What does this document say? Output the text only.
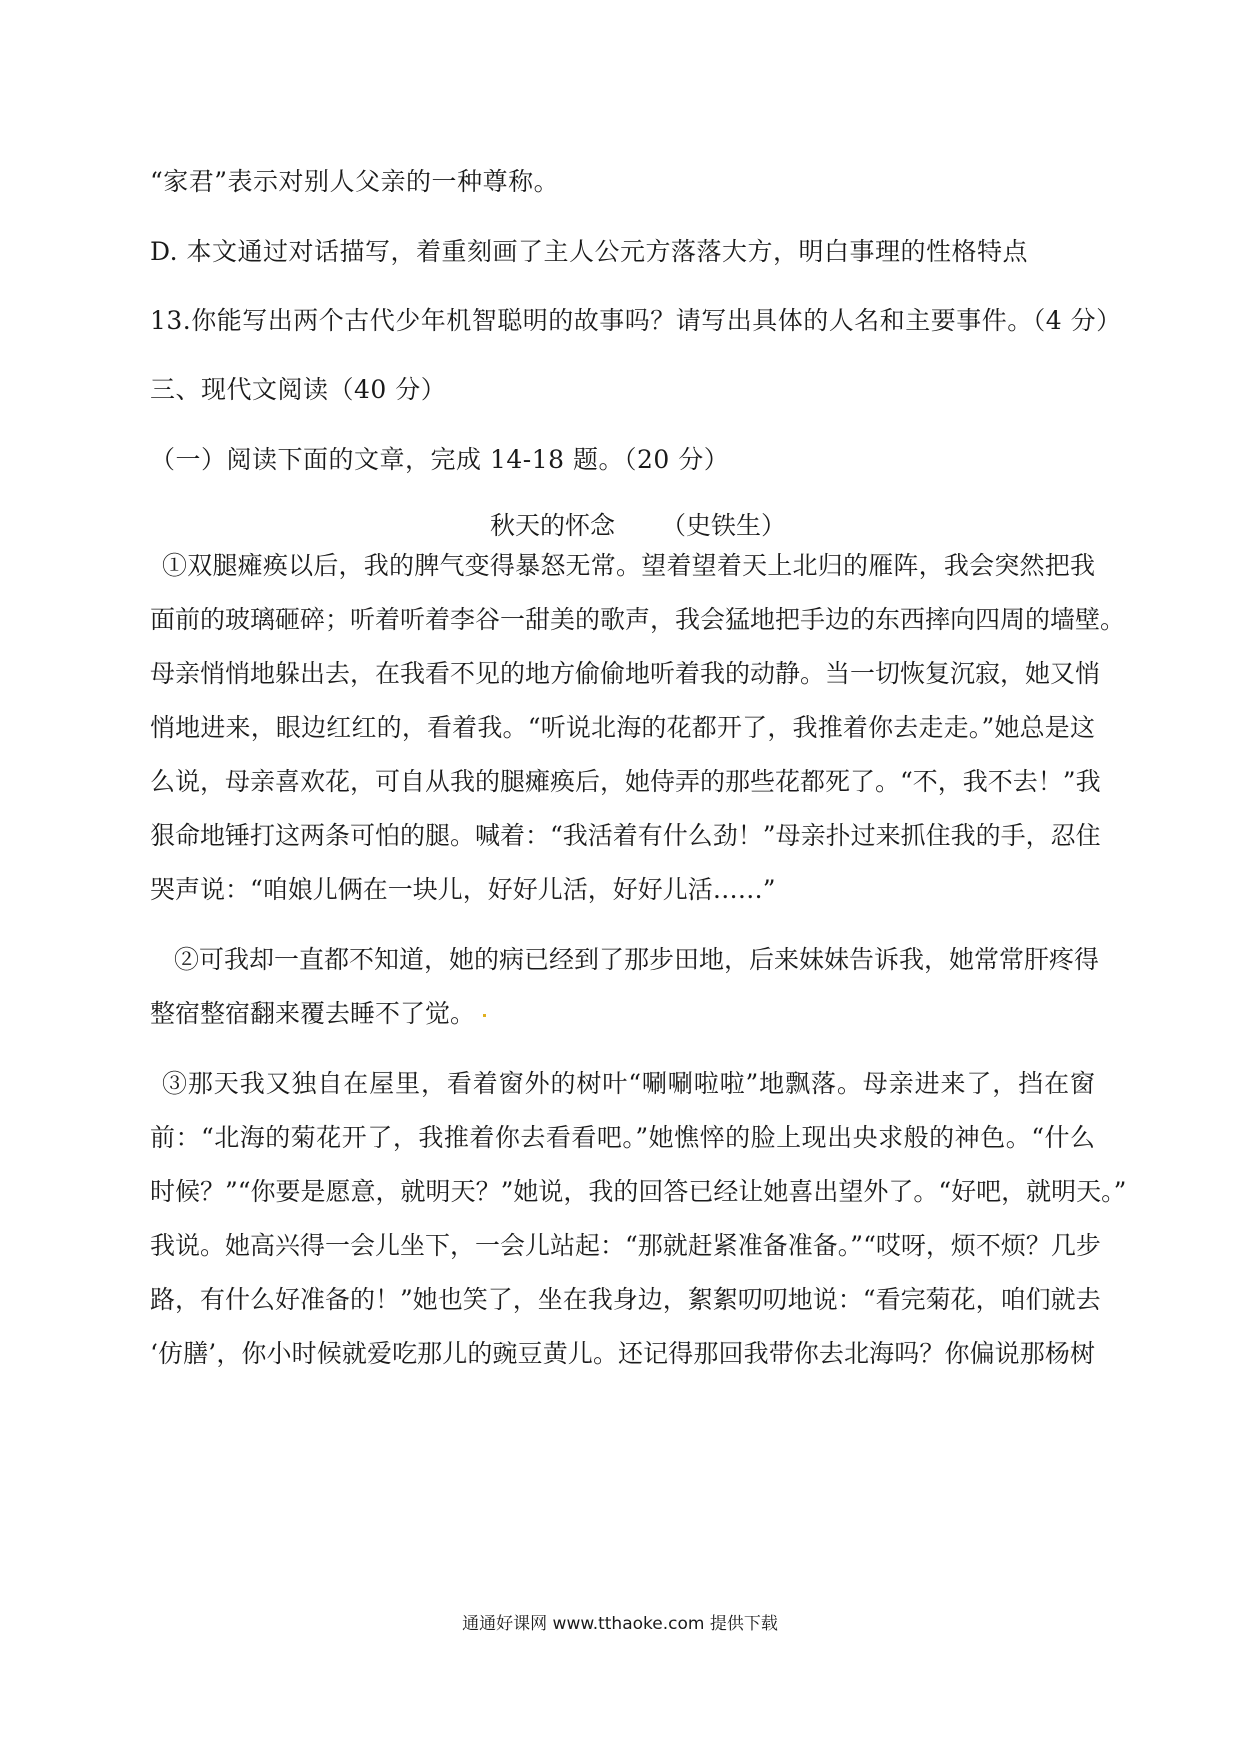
“家君”表示对别人父亲的一种尊称。
D. 本文通过对话描写，着重刻画了主人公元方落落大方，明白事理的性格特点
13.你能写出两个古代少年机智聪明的故事吗？请写出具体的人名和主要事件。（4 分）
三、现代文阅读（40 分）
（一）阅读下面的文章，完成 14-18 题。（20 分）
秋天的怀念 （史铁生）
①双腿瘫痪以后，我的脾气变得暴怒无常。望着望着天上北归的雁阵，我会突然把我
面前的玻璃砸碎；听着听着李谷一甜美的歌声，我会猛地把手边的东西摔向四周的墙壁。
母亲悄悄地躲出去，在我看不见的地方偷偷地听着我的动静。当一切恢复沉寂，她又悄
悄地进来，眼边红红的，看着我。“听说北海的花都开了，我推着你去走走。”她总是这
么说，母亲喜欢花，可自从我的腿瘫痪后，她侍弄的那些花都死了。“不，我不去！”我
狠命地锤打这两条可怕的腿。喊着：“我活着有什么劲！”母亲扑过来抓住我的手，忍住
哭声说：“咱娘儿俩在一块儿，好好儿活，好好儿活……”
②可我却一直都不知道，她的病已经到了那步田地，后来妹妹告诉我，她常常肝疼得
整宿整宿翻来覆去睡不了觉。
③那天我又独自在屋里，看着窗外的树叶“唰唰啦啦”地飘落。母亲进来了，挡在窗
前：“北海的菊花开了，我推着你去看看吧。”她憔悴的脸上现出央求般的神色。“什么
时候？”“你要是愿意，就明天？”她说，我的回答已经让她喜出望外了。“好吧，就明天。”
我说。她高兴得一会儿坐下，一会儿站起：“那就赶紧准备准备。”“哎呀，烦不烦？几步
路，有什么好准备的！”她也笑了，坐在我身边，絮絮叨叨地说：“看完菊花，咱们就去
‘仿膳’，你小时候就爱吃那儿的豌豆黄儿。还记得那回我带你去北海吗？你偏说那杨树
通通好课网 www.tthaoke.com 提供下载
